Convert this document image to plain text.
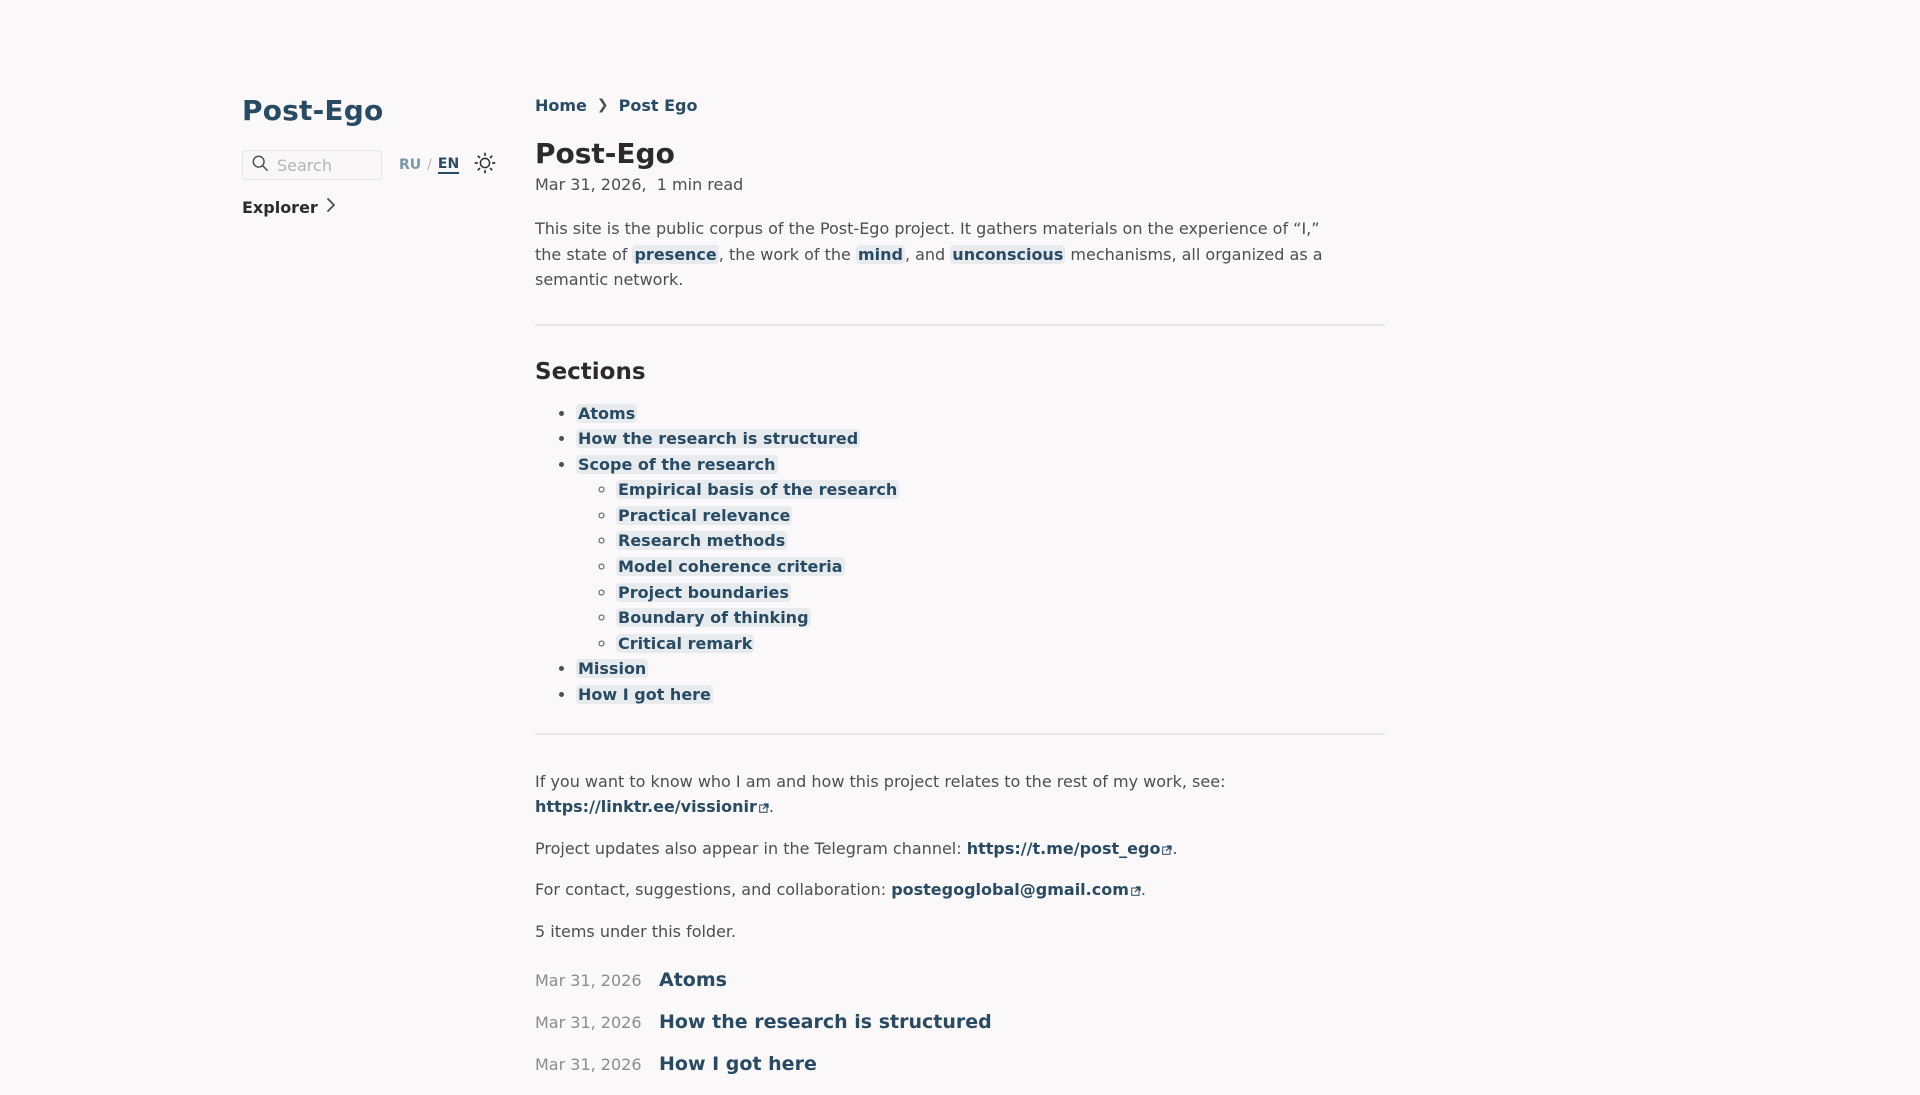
Post-Ego
Search	RU / EN
Explorer
Home ❯ Post Ego
Post-Ego
Mar 31, 2026,  1 min read

This site is the public corpus of the Post-Ego project. It gathers materials on the experience of “I,” the state of presence , the work of the mind , and unconscious mechanisms, all organized as a semantic network.

Sections
• Atoms
• How the research is structured
• Scope of the research
◦ Empirical basis of the research
◦ Practical relevance
◦ Research methods
◦ Model coherence criteria
◦ Project boundaries
◦ Boundary of thinking
◦ Critical remark
• Mission
• How I got here

If you want to know who I am and how this project relates to the rest of my work, see:
https://linktr.ee/vissionir .

Project updates also appear in the Telegram channel: https://t.me/post_ego .

For contact, suggestions, and collaboration: postegoglobal@gmail.com .

5 items under this folder.

Mar 31, 2026 Atoms
Mar 31, 2026 How the research is structured
Mar 31, 2026 How I got here
